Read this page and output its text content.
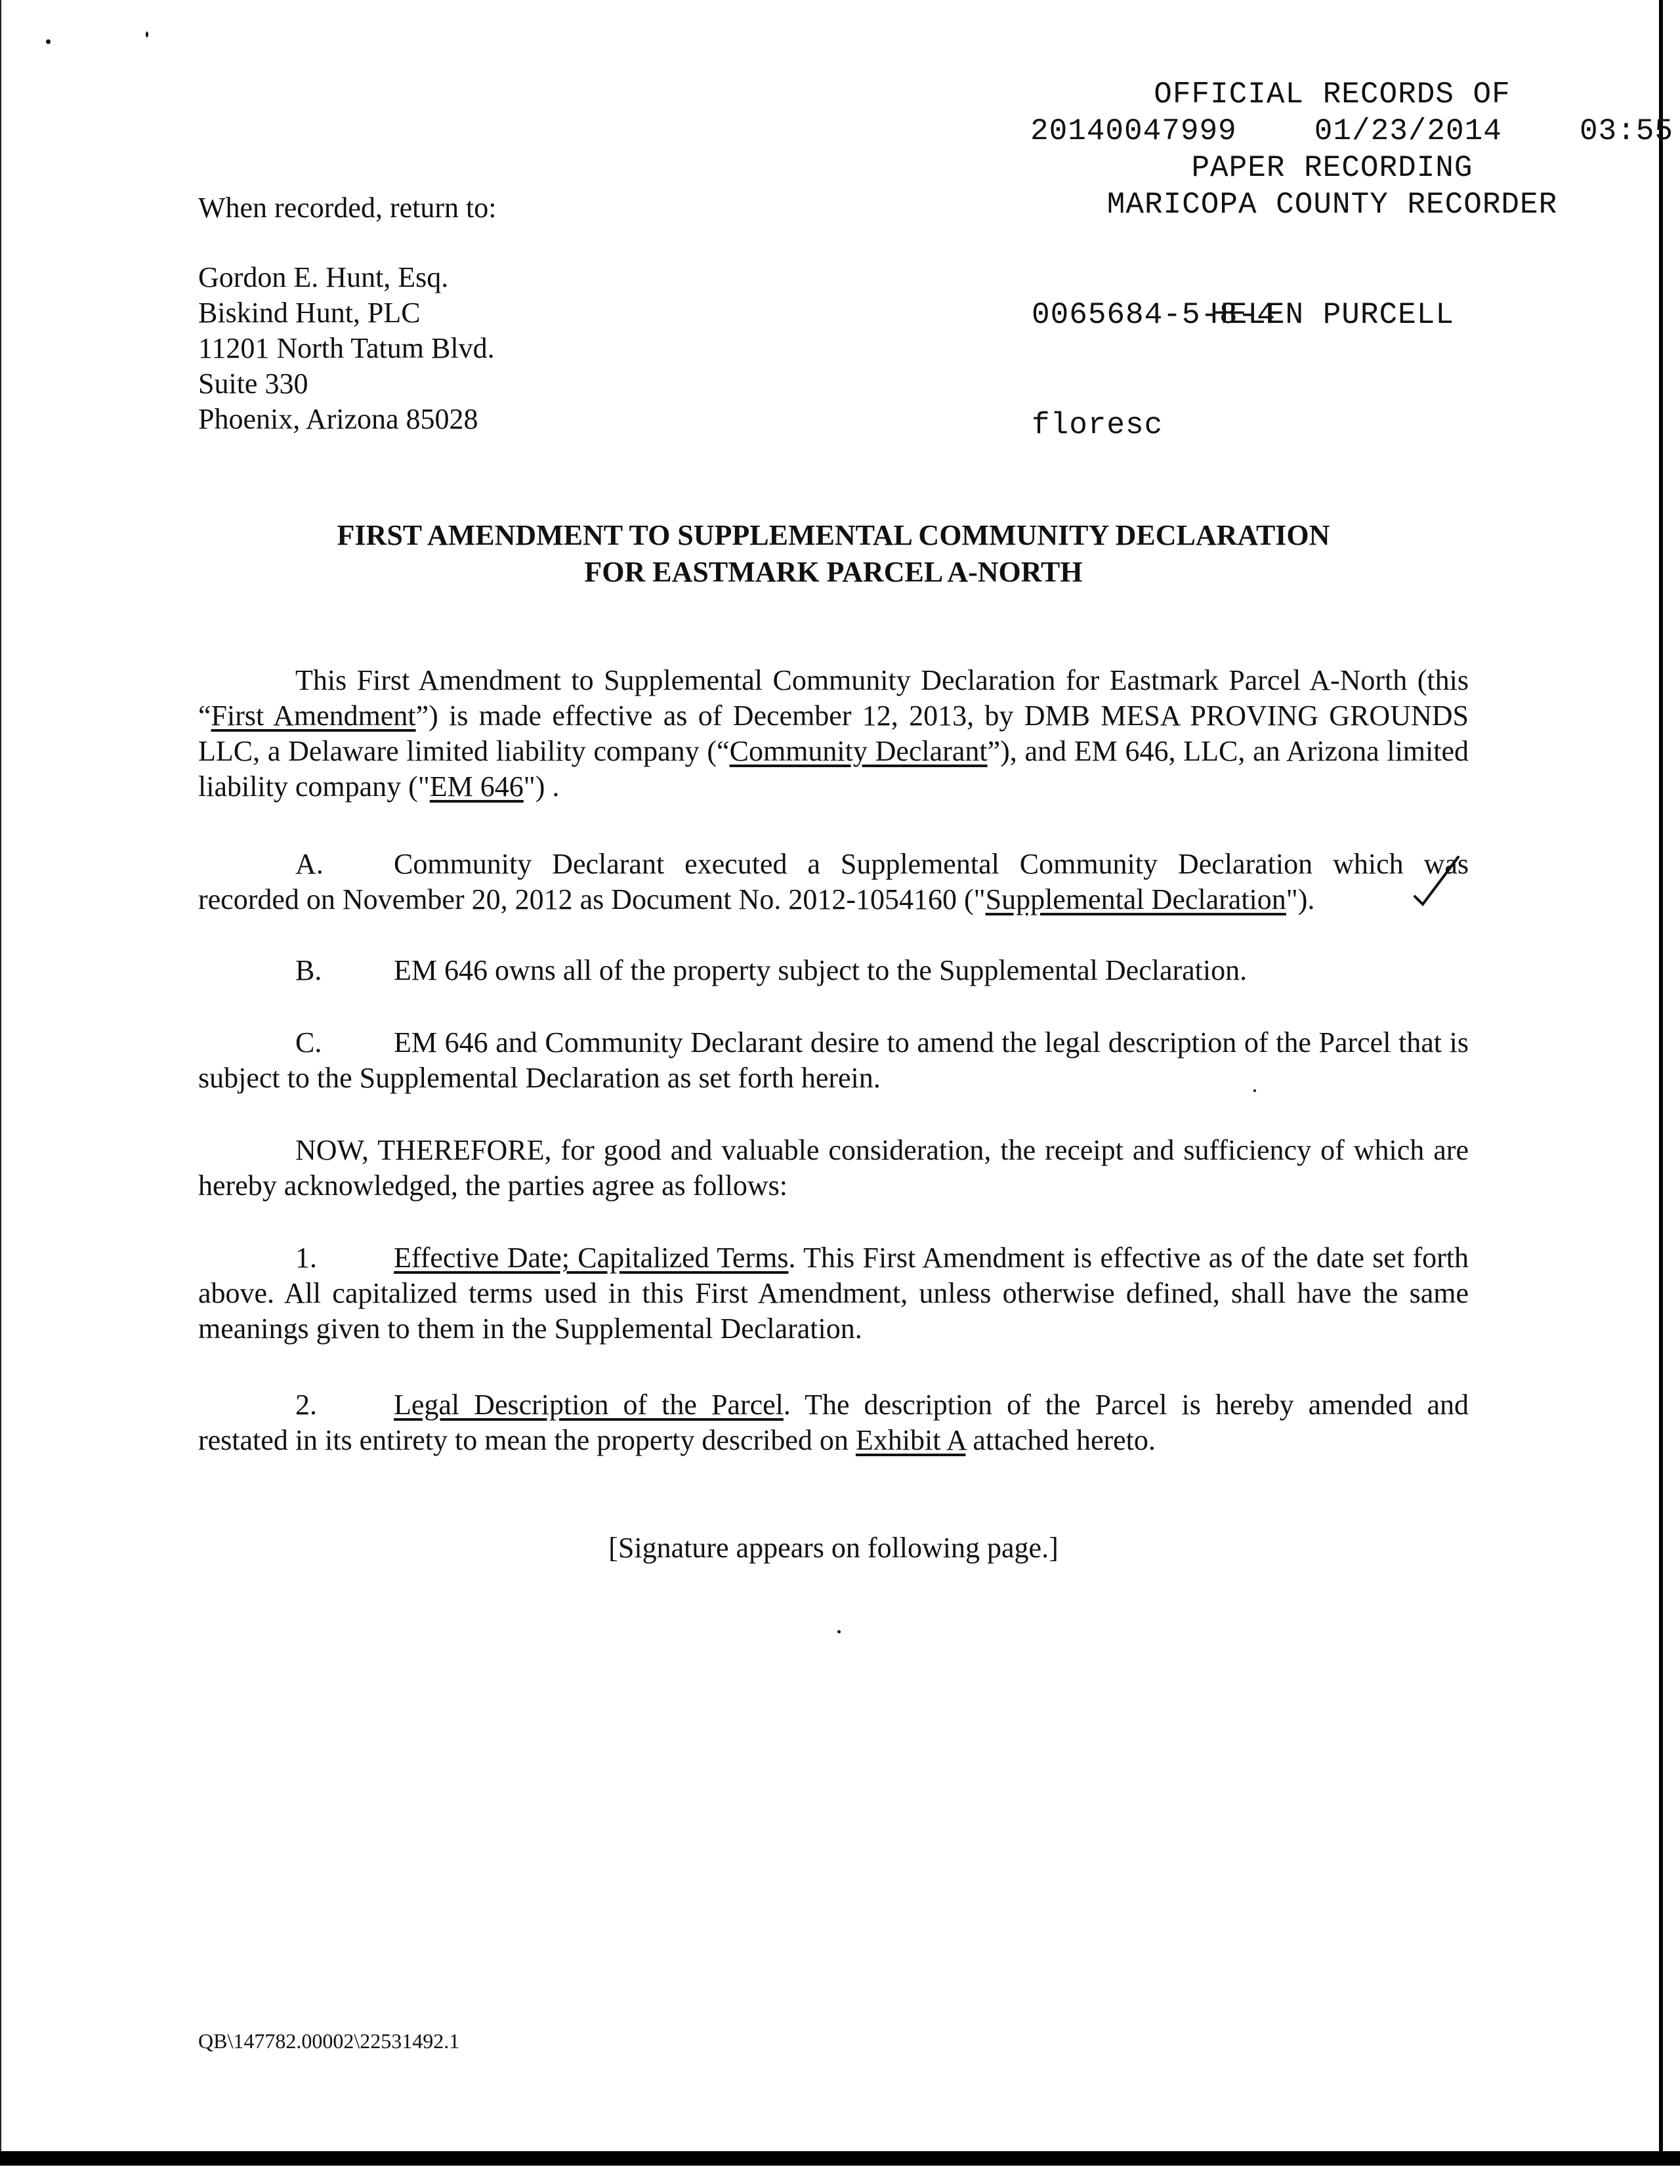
OFFICIAL RECORDS OF

MARICOPA COUNTY RECORDER

HELEN PURCELL

20140047999	01/23/2014	03:55
PAPER RECORDING

0065684-5-8-4

floresc

When recorded, return to:
Gordon E. Hunt, Esq.
Biskind Hunt, PLC
11201 North Tatum Blvd.
Suite 330
Phoenix, Arizona 85028
FIRST AMENDMENT TO SUPPLEMENTAL COMMUNITY DECLARATION
FOR EASTMARK PARCEL A-NORTH
This First Amendment to Supplemental Community Declaration for Eastmark Parcel A-North (this “First Amendment”) is made effective as of December 12, 2013, by DMB MESA PROVING GROUNDS LLC, a Delaware limited liability company (“Community Declarant”), and EM 646, LLC, an Arizona limited liability company ("EM 646") .
A. Community Declarant executed a Supplemental Community Declaration which was recorded on November 20, 2012 as Document No. 2012-1054160 ("Supplemental Declaration").
B. EM 646 owns all of the property subject to the Supplemental Declaration.
C. EM 646 and Community Declarant desire to amend the legal description of the Parcel that is subject to the Supplemental Declaration as set forth herein.
NOW, THEREFORE, for good and valuable consideration, the receipt and sufficiency of which are hereby acknowledged, the parties agree as follows:
1.	Effective Date; Capitalized Terms. This First Amendment is effective as of the date set forth above. All capitalized terms used in this First Amendment, unless otherwise defined, shall have the same meanings given to them in the Supplemental Declaration.
2.	Legal Description of the Parcel. The description of the Parcel is hereby amended and restated in its entirety to mean the property described on Exhibit A attached hereto.
[Signature appears on following page.]
QB\147782.00002\22531492.1
